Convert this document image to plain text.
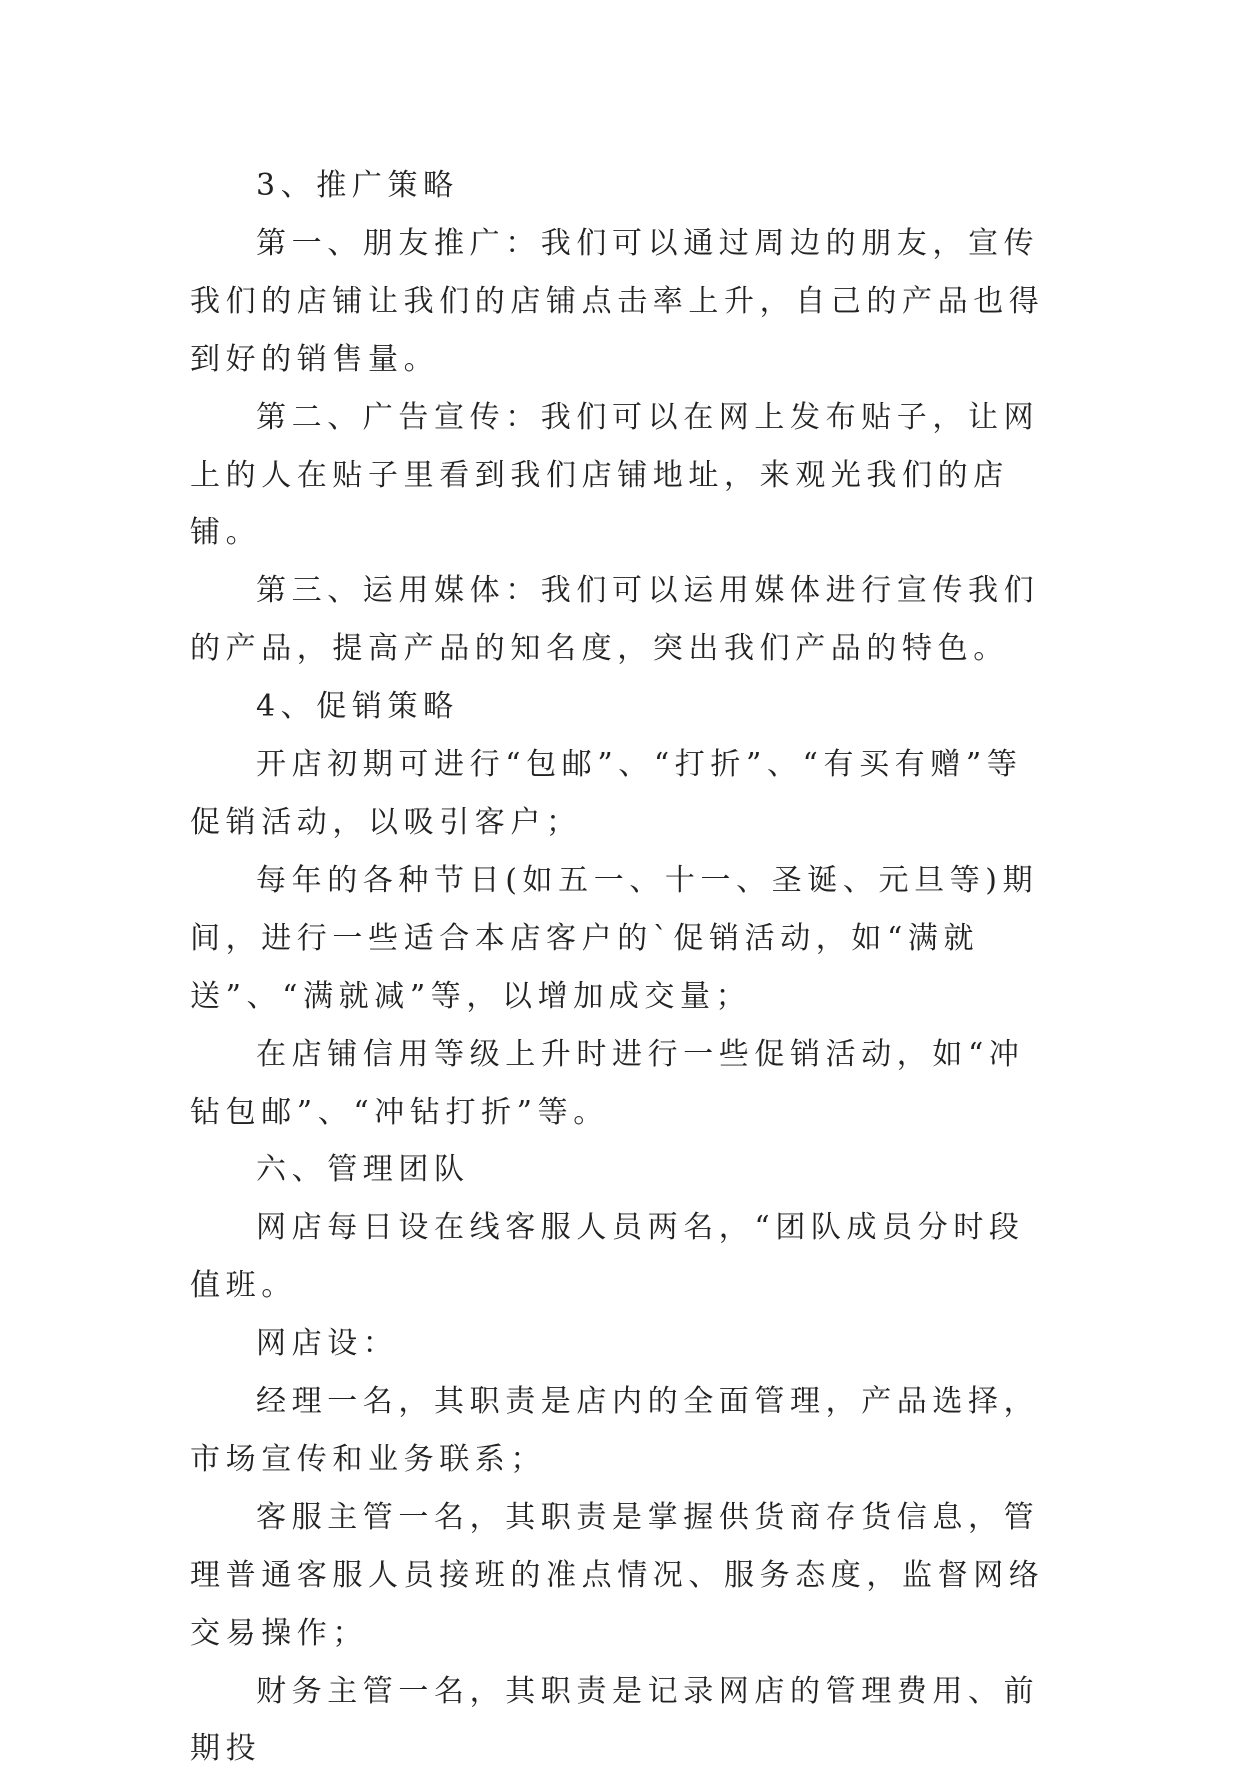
3、推广策略

第一、朋友推广：我们可以通过周边的朋友，宣传我们的店铺让我们的店铺点击率上升，自己的产品也得到好的销售量。

第二、广告宣传：我们可以在网上发布贴子，让网上的人在贴子里看到我们店铺地址，来观光我们的店铺。

第三、运用媒体：我们可以运用媒体进行宣传我们的产品，提高产品的知名度，突出我们产品的特色。

4、促销策略

开店初期可进行“包邮”、“打折”、“有买有赠”等促销活动，以吸引客户；

每年的各种节日(如五一、十一、圣诞、元旦等)期间，进行一些适合本店客户的`促销活动，如“满就送”、“满就减”等，以增加成交量；

在店铺信用等级上升时进行一些促销活动，如“冲钻包邮”、“冲钻打折”等。

六、管理团队

网店每日设在线客服人员两名，“团队成员分时段值班。

网店设：

经理一名，其职责是店内的全面管理，产品选择，市场宣传和业务联系；

客服主管一名，其职责是掌握供货商存货信息，管理普通客服人员接班的准点情况、服务态度，监督网络交易操作；

财务主管一名，其职责是记录网店的管理费用、前期投
